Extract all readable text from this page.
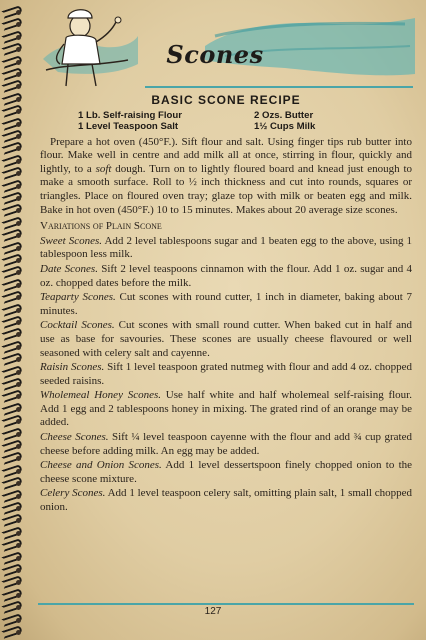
Scones
BASIC SCONE RECIPE
1 Lb. Self-raising Flour	2 Ozs. Butter
1 Level Teaspoon Salt	1½ Cups Milk

Prepare a hot oven (450°F.). Sift flour and salt. Using finger tips rub butter into flour. Make well in centre and add milk all at once, stirring in flour, quickly and lightly, to a soft dough. Turn on to lightly floured board and knead just enough to make a smooth surface. Roll to ½ inch thickness and cut into rounds, squares or triangles. Place on floured oven tray; glaze top with milk or beaten egg and milk. Bake in hot oven (450°F.) 10 to 15 minutes. Makes about 20 average size scones.

Variations of Plain Scone

Sweet Scones. Add 2 level tablespoons sugar and 1 beaten egg to the above, using 1 tablespoon less milk.

Date Scones. Sift 2 level teaspoons cinnamon with the flour. Add 1 oz. sugar and 4 oz. chopped dates before the milk.

Teaparty Scones. Cut scones with round cutter, 1 inch in diameter, baking about 7 minutes.

Cocktail Scones. Cut scones with small round cutter. When baked cut in half and use as base for savouries. These scones are usually cheese flavoured or well seasoned with celery salt and cayenne.

Raisin Scones. Sift 1 level teaspoon grated nutmeg with flour and add 4 oz. chopped seeded raisins.

Wholemeal Honey Scones. Use half white and half wholemeal self-raising flour. Add 1 egg and 2 tablespoons honey in mixing. The grated rind of an orange may be added.

Cheese Scones. Sift ¼ level teaspoon cayenne with the flour and add ¾ cup grated cheese before adding milk. An egg may be added.

Cheese and Onion Scones. Add 1 level dessertspoon finely chopped onion to the cheese scone mixture.

Celery Scones. Add 1 level teaspoon celery salt, omitting plain salt, 1 small chopped onion.

127
